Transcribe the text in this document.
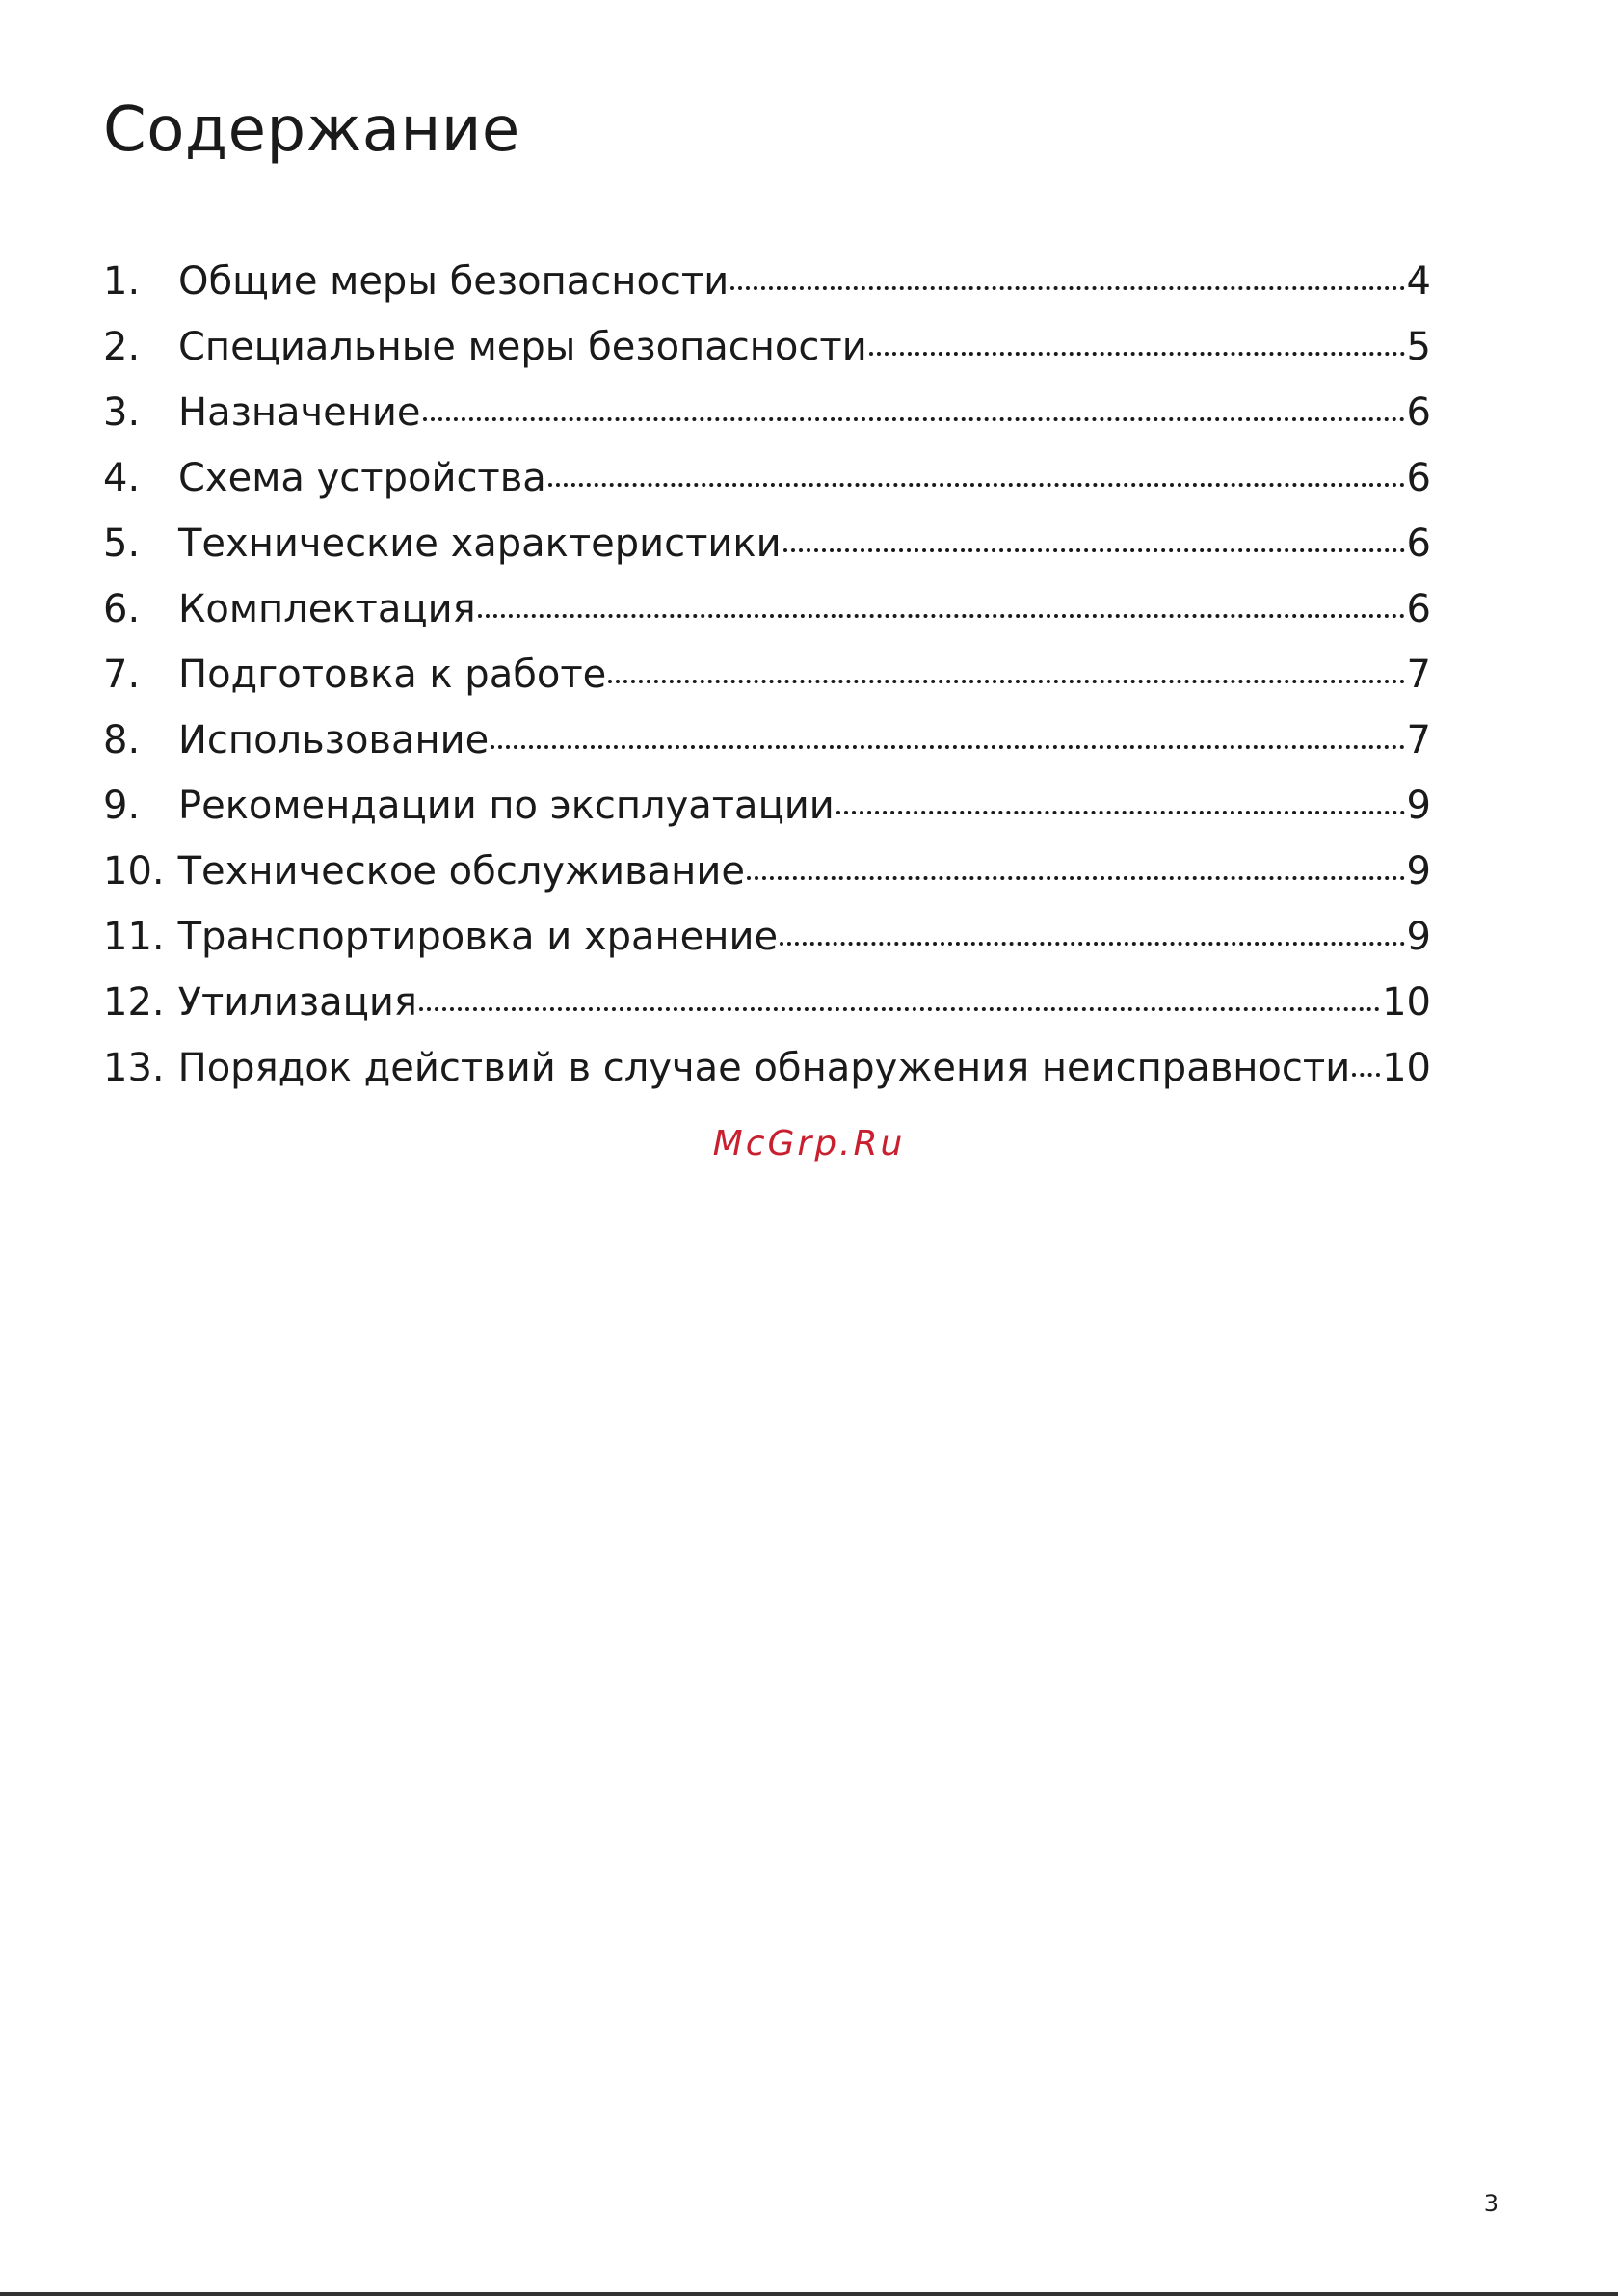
Содержание
1. Общие меры безопасности	4
2. Специальные меры безопасности	5
3. Назначение	6
4. Схема устройства	6
5. Технические характеристики	6
6. Комплектация	6
7. Подготовка к работе	7
8. Использование	7
9. Рекомендации по эксплуатации	9
10. Техническое обслуживание	9
11. Транспортировка и хранение	9
12. Утилизация	10
13. Порядок действий в случае обнаружения неисправности 10
McGrp.Ru
3
